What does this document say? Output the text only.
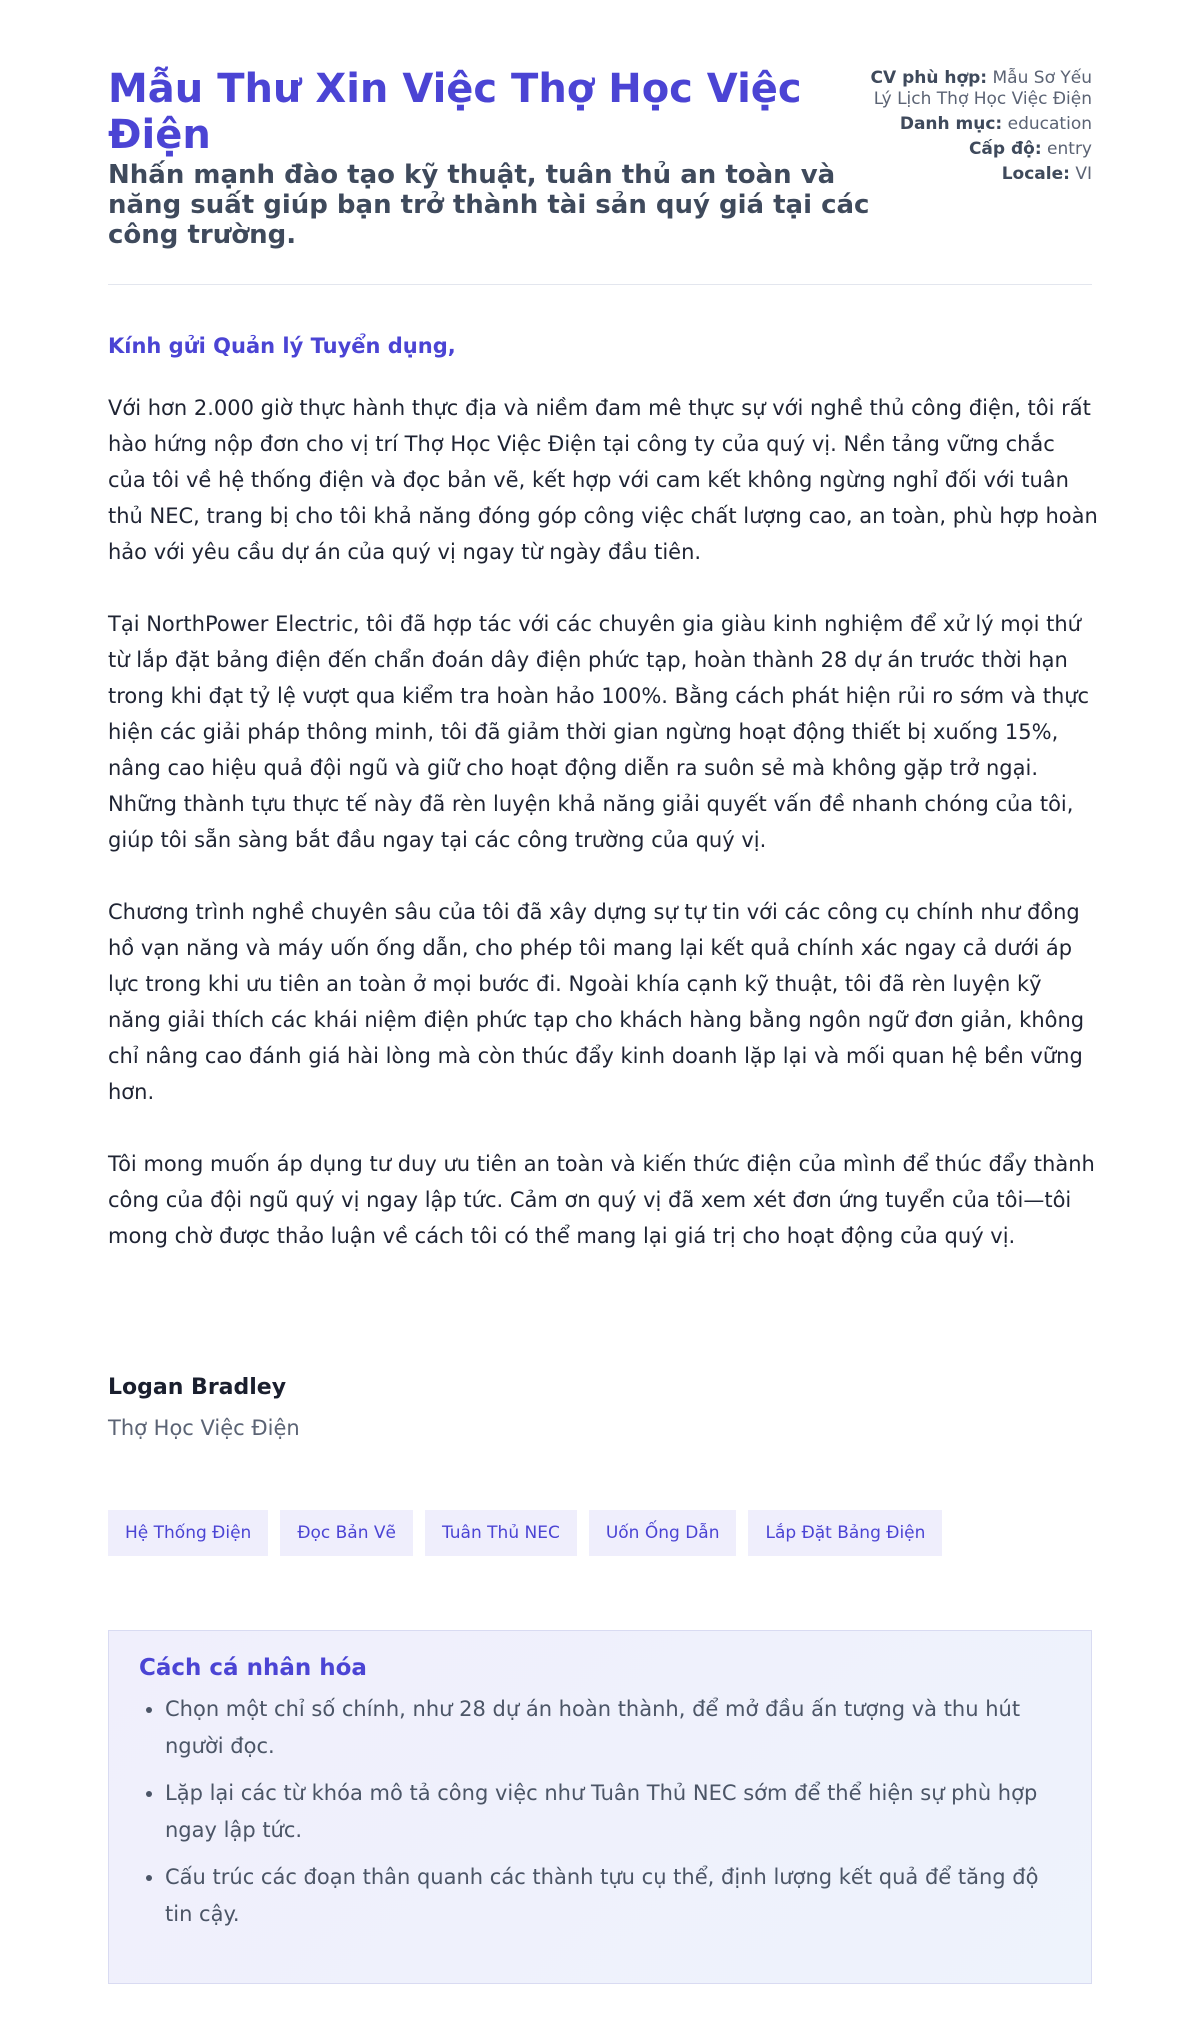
Mẫu Thư Xin Việc Thợ Học Việc Điện
Nhấn mạnh đào tạo kỹ thuật, tuân thủ an toàn và năng suất giúp bạn trở thành tài sản quý giá tại các công trường.
CV phù hợp: Mẫu Sơ Yếu Lý Lịch Thợ Học Việc Điện
Danh mục: education
Cấp độ: entry
Locale: VI
Kính gửi Quản lý Tuyển dụng,

Với hơn 2.000 giờ thực hành thực địa và niềm đam mê thực sự với nghề thủ công điện, tôi rất hào hứng nộp đơn cho vị trí Thợ Học Việc Điện tại công ty của quý vị. Nền tảng vững chắc của tôi về hệ thống điện và đọc bản vẽ, kết hợp với cam kết không ngừng nghỉ đối với tuân thủ NEC, trang bị cho tôi khả năng đóng góp công việc chất lượng cao, an toàn, phù hợp hoàn hảo với yêu cầu dự án của quý vị ngay từ ngày đầu tiên.

Tại NorthPower Electric, tôi đã hợp tác với các chuyên gia giàu kinh nghiệm để xử lý mọi thứ từ lắp đặt bảng điện đến chẩn đoán dây điện phức tạp, hoàn thành 28 dự án trước thời hạn trong khi đạt tỷ lệ vượt qua kiểm tra hoàn hảo 100%. Bằng cách phát hiện rủi ro sớm và thực hiện các giải pháp thông minh, tôi đã giảm thời gian ngừng hoạt động thiết bị xuống 15%, nâng cao hiệu quả đội ngũ và giữ cho hoạt động diễn ra suôn sẻ mà không gặp trở ngại. Những thành tựu thực tế này đã rèn luyện khả năng giải quyết vấn đề nhanh chóng của tôi, giúp tôi sẵn sàng bắt đầu ngay tại các công trường của quý vị.

Chương trình nghề chuyên sâu của tôi đã xây dựng sự tự tin với các công cụ chính như đồng hồ vạn năng và máy uốn ống dẫn, cho phép tôi mang lại kết quả chính xác ngay cả dưới áp lực trong khi ưu tiên an toàn ở mọi bước đi. Ngoài khía cạnh kỹ thuật, tôi đã rèn luyện kỹ năng giải thích các khái niệm điện phức tạp cho khách hàng bằng ngôn ngữ đơn giản, không chỉ nâng cao đánh giá hài lòng mà còn thúc đẩy kinh doanh lặp lại và mối quan hệ bền vững hơn.

Tôi mong muốn áp dụng tư duy ưu tiên an toàn và kiến thức điện của mình để thúc đẩy thành công của đội ngũ quý vị ngay lập tức. Cảm ơn quý vị đã xem xét đơn ứng tuyển của tôi—tôi mong chờ được thảo luận về cách tôi có thể mang lại giá trị cho hoạt động của quý vị.

Logan Bradley
Thợ Học Việc Điện
Hệ Thống Điện	Đọc Bản Vẽ	Tuân Thủ NEC	Uốn Ống Dẫn	Lắp Đặt Bảng Điện
Cách cá nhân hóa
• Chọn một chỉ số chính, như 28 dự án hoàn thành, để mở đầu ấn tượng và thu hút người đọc.
• Lặp lại các từ khóa mô tả công việc như Tuân Thủ NEC sớm để thể hiện sự phù hợp ngay lập tức.
• Cấu trúc các đoạn thân quanh các thành tựu cụ thể, định lượng kết quả để tăng độ tin cậy.
